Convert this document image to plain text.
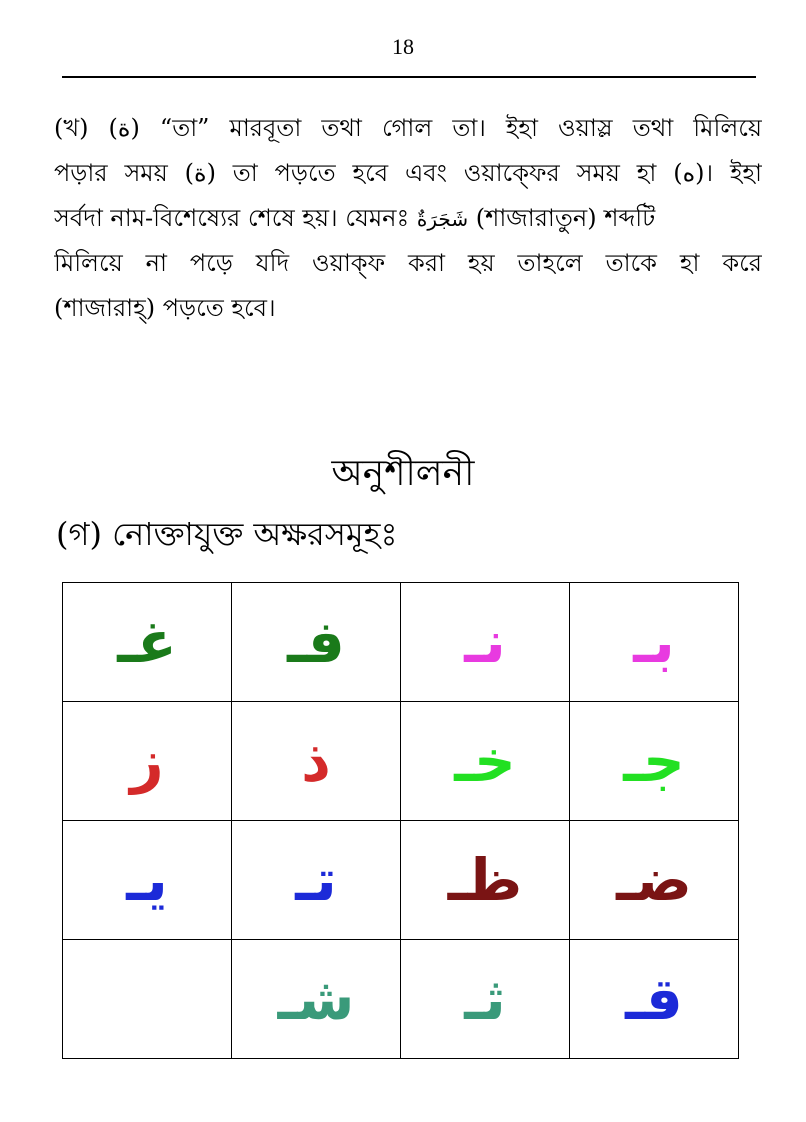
18
(খ) (ة) “তা” মারবূতা তথা গোল তা। ইহা ওয়াস্ল তথা মিলিয়ে
পড়ার সময় (ة) তা পড়তে হবে এবং ওয়াক্ফের সময় হা (ه)। ইহা
সর্বদা নাম-বিশেষ্যের শেষে হয়। যেমনঃ شَجَرَةٌ (শাজারাতুন) শব্দটি
মিলিয়ে না পড়ে যদি ওয়াক্ফ করা হয় তাহলে তাকে হা করে
(শাজারাহ্) পড়তে হবে।
অনুশীলনী
(গ) নোক্তাযুক্ত অক্ষরসমূহঃ
غـ	فـ	نـ	بـ
ز	ذ	خـ	جـ
يـ	تـ	ظـ	ضـ
	شـ	ثـ	قـ
